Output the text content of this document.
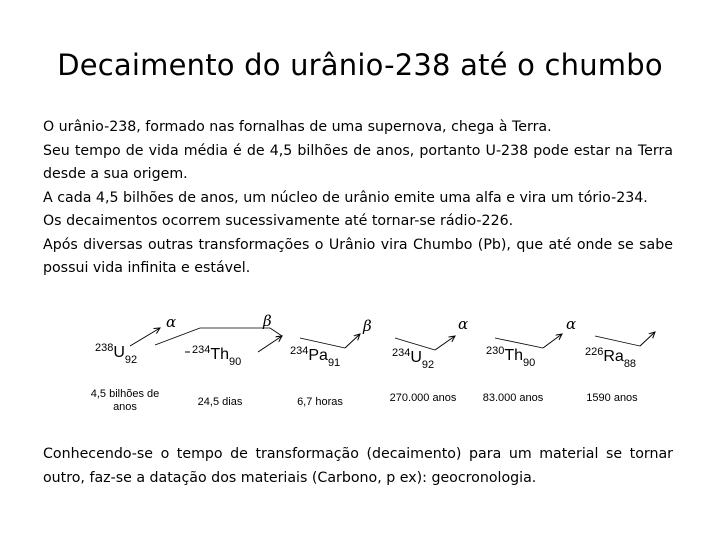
Decaimento do urânio-238 até o chumbo

O urânio-238, formado nas fornalhas de uma supernova, chega à Terra.

Seu tempo de vida média é de 4,5 bilhões de anos, portanto U-238 pode estar na Terra desde a sua origem.

A cada 4,5 bilhões de anos, um núcleo de urânio emite uma alfa e vira um tório-234.

Os decaimentos ocorrem sucessivamente até tornar-se rádio-226.

Após diversas outras transformações o Urânio vira Chumbo (Pb), que até onde se sabe possui vida infinita e estável.

α	β	β	α	α
$^{238}U_{92}$
$^{234}Th_{90}$
$^{234}Pa_{91}$
$^{234}U_{92}$
$^{230}Th_{90}$
$^{226}Ra_{88}$
4,5 bilhões de anos	24,5 dias	6,7 horas	270.000 anos 83.000 anos	1590 anos

Conhecendo-se o tempo de transformação (decaimento) para um material se tornar outro, faz-se a datação dos materiais (Carbono, p ex): geocronologia.
